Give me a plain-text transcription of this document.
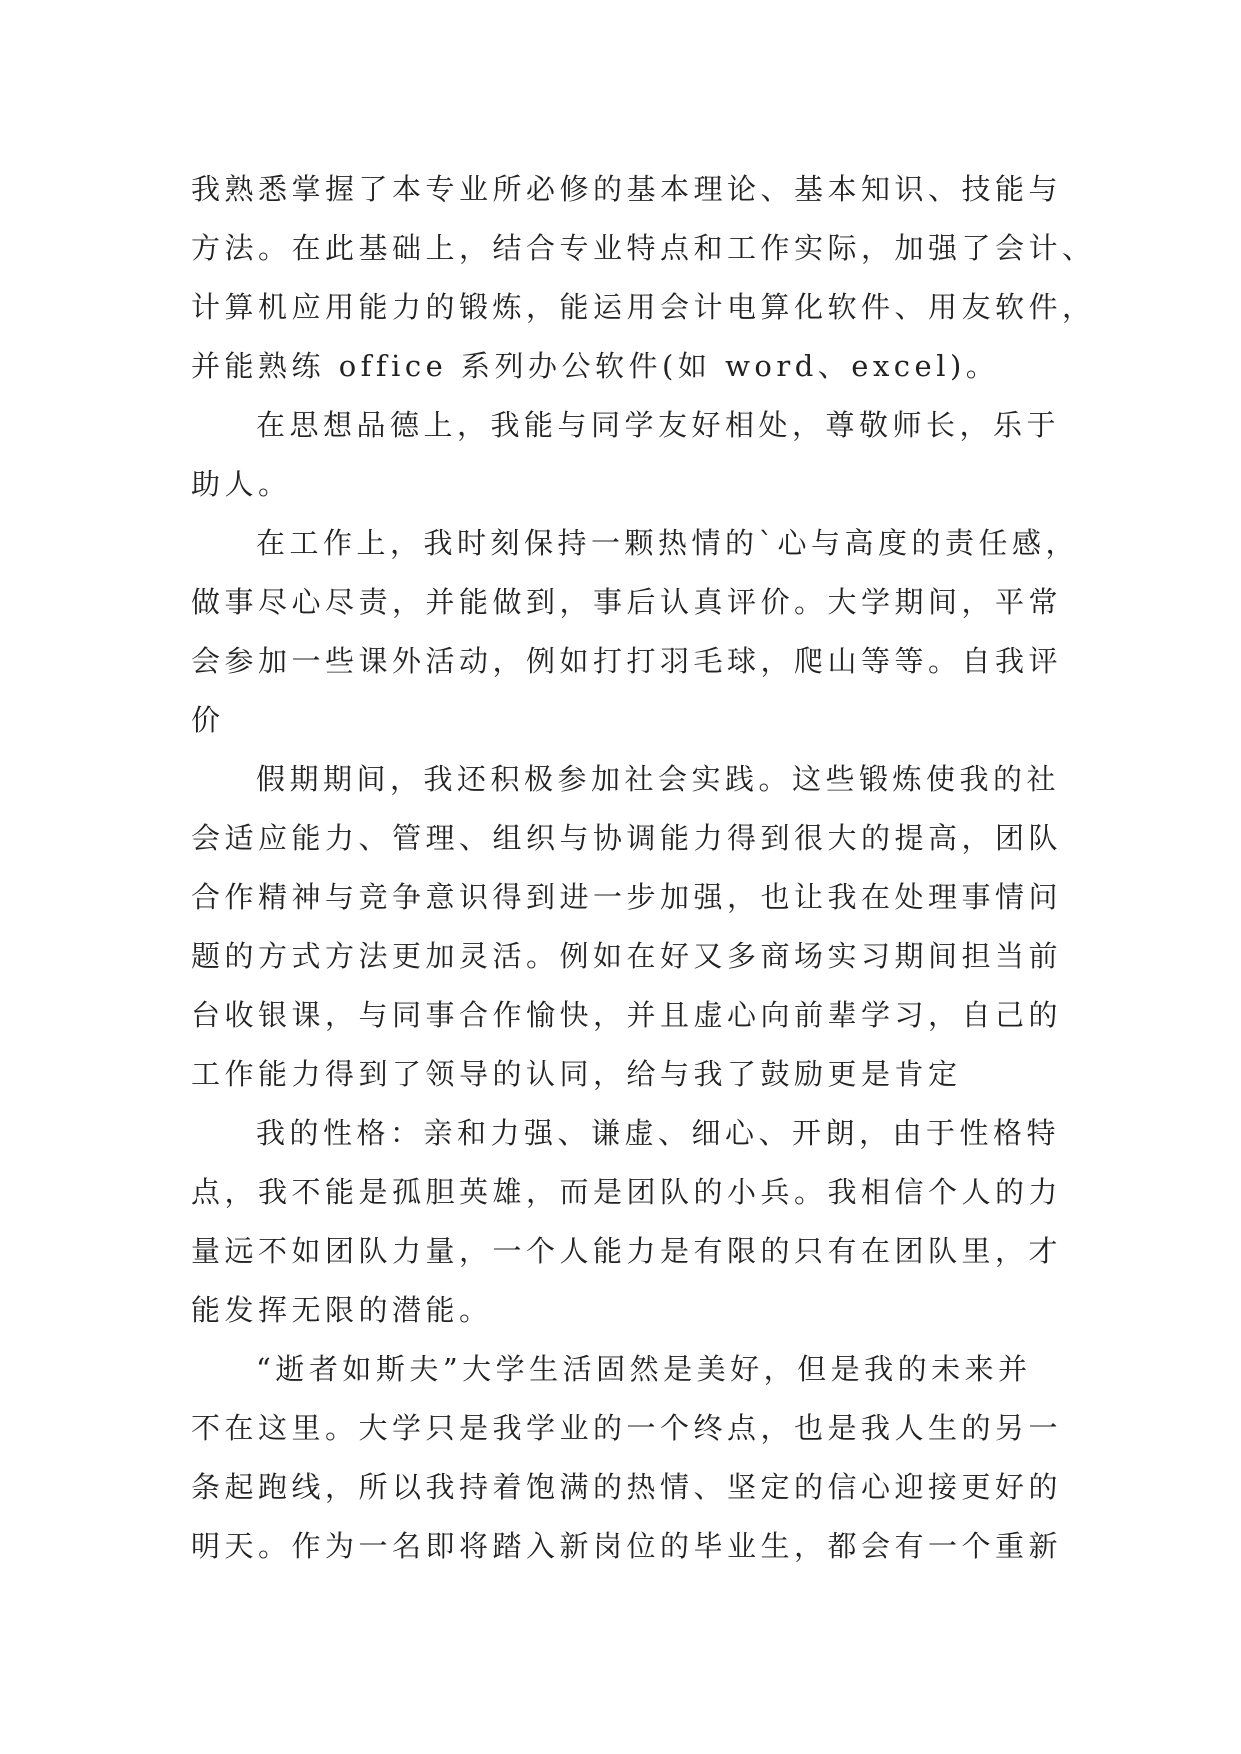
我熟悉掌握了本专业所必修的基本理论、基本知识、技能与
方法。在此基础上，结合专业特点和工作实际，加强了会计、
计算机应用能力的锻炼，能运用会计电算化软件、用友软件，
并能熟练 office 系列办公软件(如 word、excel)。
在思想品德上，我能与同学友好相处，尊敬师长，乐于
助人。
在工作上，我时刻保持一颗热情的`心与高度的责任感，
做事尽心尽责，并能做到，事后认真评价。大学期间，平常
会参加一些课外活动，例如打打羽毛球，爬山等等。自我评
价
假期期间，我还积极参加社会实践。这些锻炼使我的社
会适应能力、管理、组织与协调能力得到很大的提高，团队
合作精神与竞争意识得到进一步加强，也让我在处理事情问
题的方式方法更加灵活。例如在好又多商场实习期间担当前
台收银课，与同事合作愉快，并且虚心向前辈学习，自己的
工作能力得到了领导的认同，给与我了鼓励更是肯定
我的性格：亲和力强、谦虚、细心、开朗，由于性格特
点，我不能是孤胆英雄，而是团队的小兵。我相信个人的力
量远不如团队力量，一个人能力是有限的只有在团队里，才
能发挥无限的潜能。
“逝者如斯夫”大学生活固然是美好，但是我的未来并
不在这里。大学只是我学业的一个终点，也是我人生的另一
条起跑线，所以我持着饱满的热情、坚定的信心迎接更好的
明天。作为一名即将踏入新岗位的毕业生，都会有一个重新
